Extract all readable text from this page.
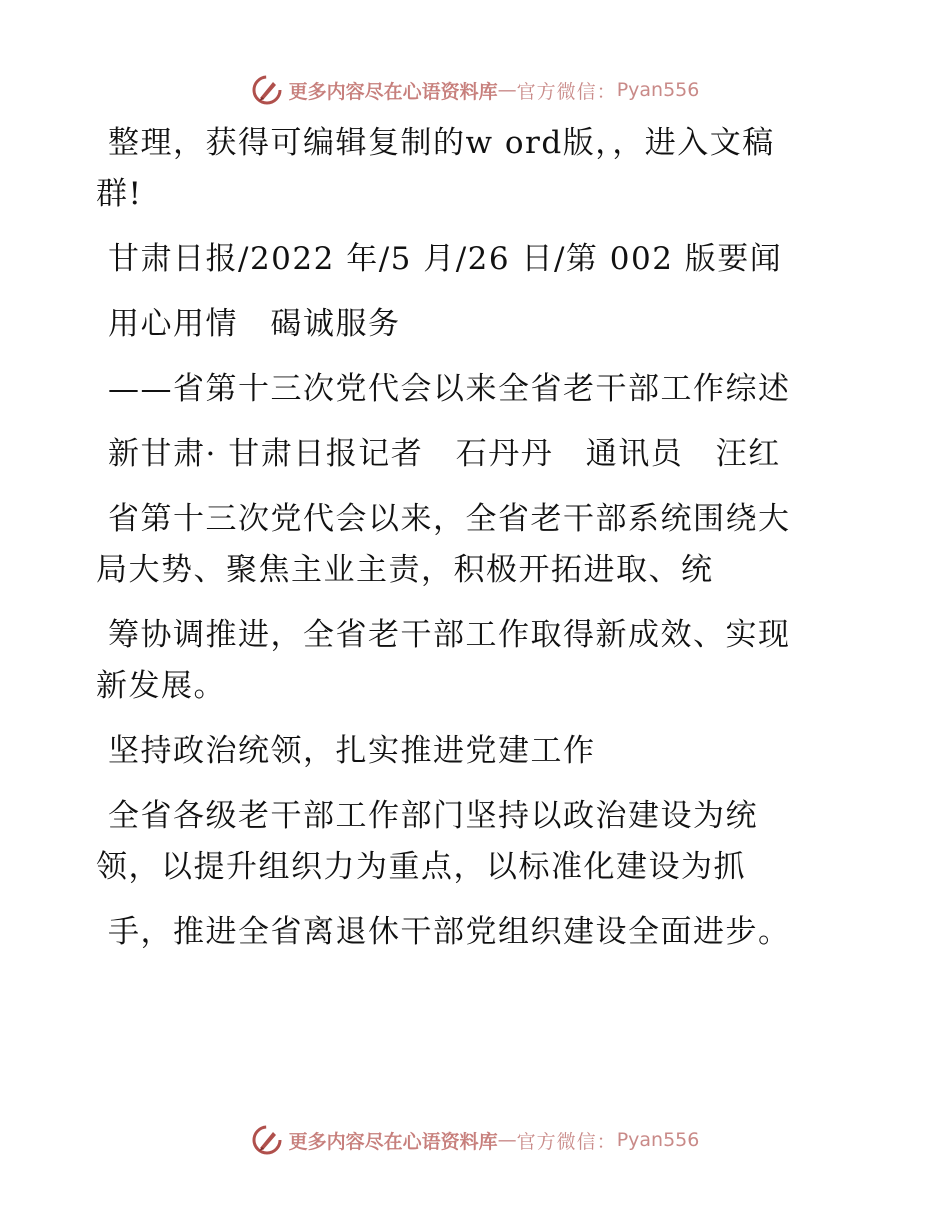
更多内容尽在心语资料库 — 官方微信： Pyan556
整理，获得可编辑复制的w ord版，，进入文稿
群!
甘肃日报/2022 年/5 月/26 日/第 002 版要闻
用心用情　碣诚服务
——省第十三次党代会以来全省老干部工作综述
新甘肃· 甘肃日报记者　石丹丹　通讯员　汪红
省第十三次党代会以来，全省老干部系统围绕大
局大势、聚焦主业主责，积极开拓进取、统
筹协调推进，全省老干部工作取得新成效、实现
新发展。
坚持政治统领，扎实推进党建工作
全省各级老干部工作部门坚持以政治建设为统
领，以提升组织力为重点，以标准化建设为抓
手，推进全省离退休干部党组织建设全面进步。
更多内容尽在心语资料库 — 官方微信： Pyan556
